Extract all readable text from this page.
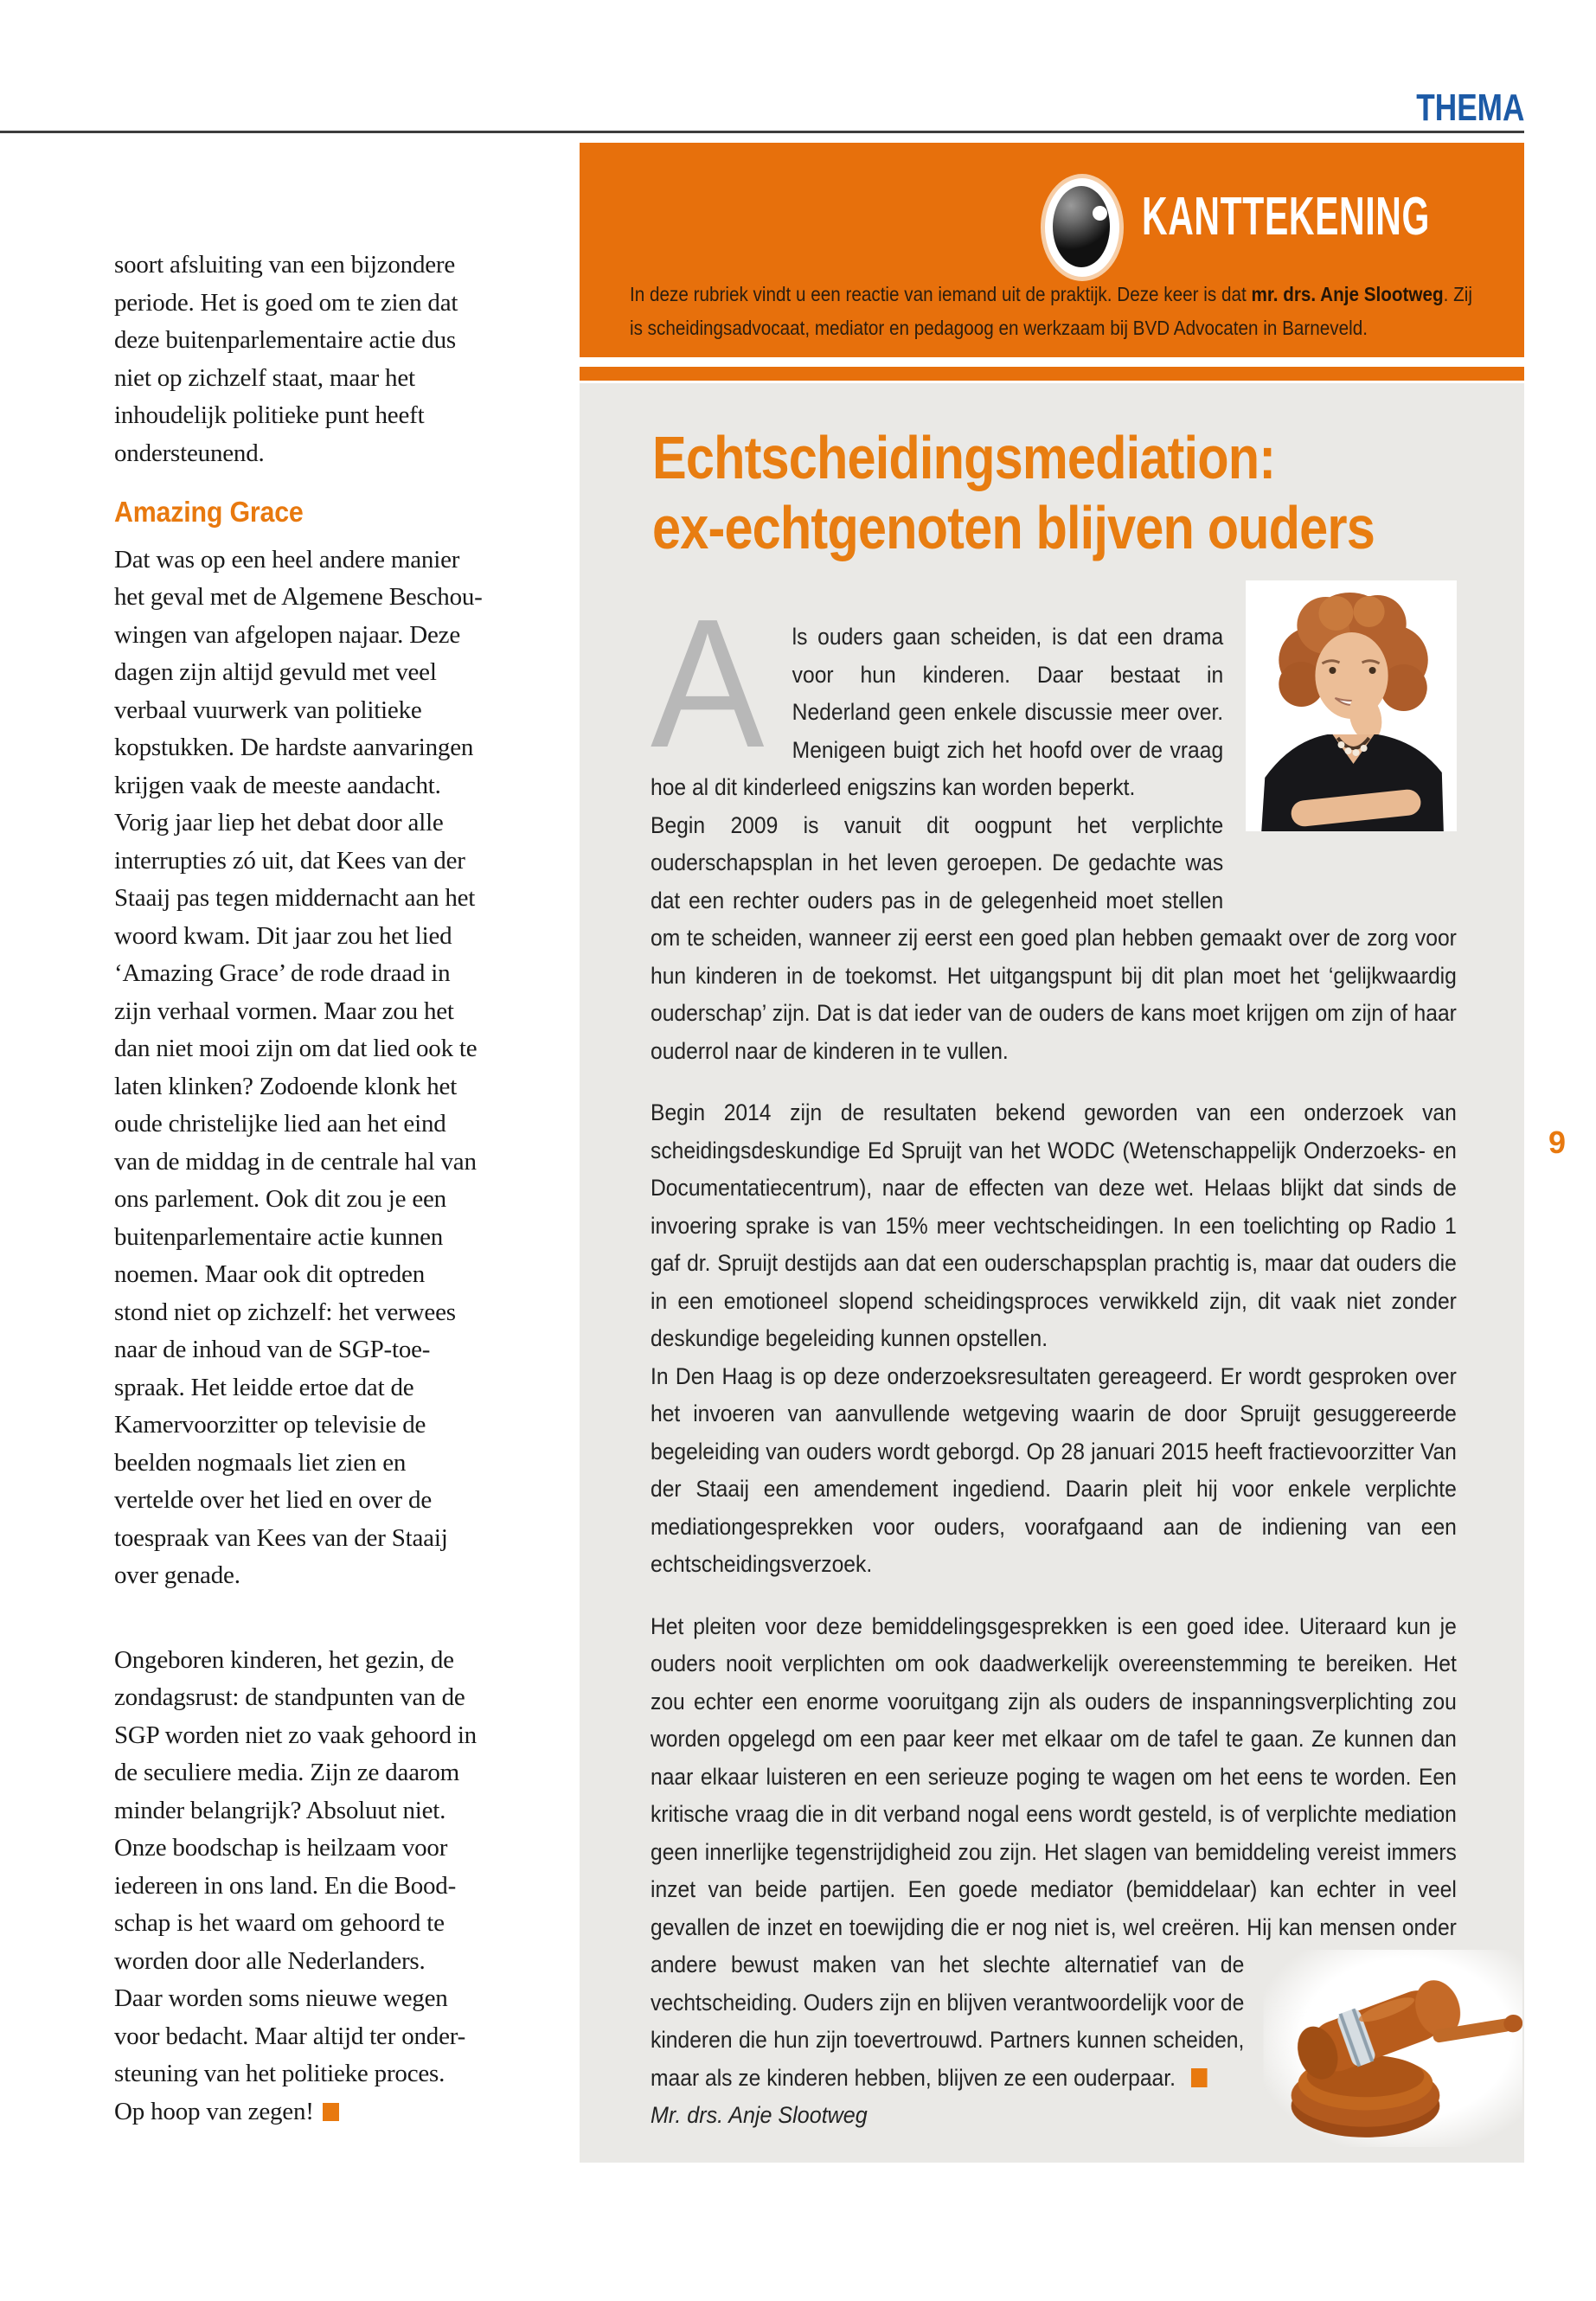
THEMA
KANTTEKENING
In deze rubriek vindt u een reactie van iemand uit de praktijk. Deze keer is dat mr. drs. Anje Slootweg. Zij is scheidingsadvocaat, mediator en pedagoog en werkzaam bij BVD Advocaten in Barneveld.
Echtscheidingsmediation:
ex-echtgenoten blijven ouders

A	ls ouders gaan scheiden, is dat een drama voor hun kinderen. Daar bestaat in Nederland geen enkele discussie meer over. Menigeen buigt zich het hoofd over de vraag hoe al dit kinderleed enigszins kan worden beperkt.

Begin 2009 is vanuit dit oogpunt het verplichte ouderschapsplan in het leven geroepen. De gedachte was dat een rechter ouders pas in de gelegenheid moet stellen om te scheiden, wanneer zij eerst een goed plan hebben gemaakt over de zorg voor hun kinderen in de toekomst. Het uitgangspunt bij dit plan moet het ‘gelijkwaardig ouderschap’ zijn. Dat is dat ieder van de ouders de kans moet krijgen om zijn of haar ouderrol naar de kinderen in te vullen.

Begin 2014 zijn de resultaten bekend geworden van een onderzoek van scheidingsdeskundige Ed Spruijt van het WODC (Wetenschappelijk Onderzoeks- en Documentatiecentrum), naar de effecten van deze wet. Helaas blijkt dat sinds de invoering sprake is van 15% meer vechtscheidingen. In een toelichting op Radio 1 gaf dr. Spruijt destijds aan dat een ouderschapsplan prachtig is, maar dat ouders die in een emotioneel slopend scheidingsproces verwikkeld zijn, dit vaak niet zonder deskundige begeleiding kunnen opstellen.

In Den Haag is op deze onderzoeksresultaten gereageerd. Er wordt gesproken over het invoeren van aanvullende wetgeving waarin de door Spruijt gesuggereerde begeleiding van ouders wordt geborgd. Op 28 januari 2015 heeft fractievoorzitter Van der Staaij een amendement ingediend. Daarin pleit hij voor enkele verplichte mediationgesprekken voor ouders, voorafgaand aan de indiening van een echtscheidingsverzoek.

Het pleiten voor deze bemiddelingsgesprekken is een goed idee. Uiteraard kun je ouders nooit verplichten om ook daadwerkelijk overeenstemming te bereiken. Het zou echter een enorme vooruitgang zijn als ouders de inspanningsverplichting zou worden opgelegd om een paar keer met elkaar om de tafel te gaan. Ze kunnen dan naar elkaar luisteren en een serieuze poging te wagen om het eens te worden. Een kritische vraag die in dit verband nogal eens wordt gesteld, is of verplichte mediation geen innerlijke tegenstrijdigheid zou zijn. Het slagen van bemiddeling vereist immers inzet van beide partijen. Een goede mediator (bemiddelaar) kan echter in veel gevallen de inzet en toewijding die er nog niet is, wel creëren. Hij kan mensen onder andere bewust maken van het slechte alternatief van de vechtscheiding. Ouders zijn en blijven verantwoordelijk voor de kinderen die hun zijn toevertrouwd. Partners kunnen scheiden, maar als ze kinderen hebben, blijven ze een ouderpaar.

Mr. drs. Anje Slootweg

soort afsluiting van een bijzondere
periode. Het is goed om te zien dat
deze buitenparlementaire actie dus
niet op zichzelf staat, maar het
inhoudelijk politieke punt heeft
ondersteunend.
Amazing Grace
Dat was op een heel andere manier
het geval met de Algemene Beschou-
wingen van afgelopen najaar. Deze
dagen zijn altijd gevuld met veel
verbaal vuurwerk van politieke
kopstukken. De hardste aanvaringen
krijgen vaak de meeste aandacht.
Vorig jaar liep het debat door alle
interrupties zó uit, dat Kees van der
Staaij pas tegen middernacht aan het
woord kwam. Dit jaar zou het lied
‘Amazing Grace’ de rode draad in
zijn verhaal vormen. Maar zou het
dan niet mooi zijn om dat lied ook te
laten klinken? Zodoende klonk het
oude christelijke lied aan het eind
van de middag in de centrale hal van
ons parlement. Ook dit zou je een
buitenparlementaire actie kunnen
noemen. Maar ook dit optreden
stond niet op zichzelf: het verwees
naar de inhoud van de SGP-toe-
spraak. Het leidde ertoe dat de
Kamervoorzitter op televisie de
beelden nogmaals liet zien en
vertelde over het lied en over de
toespraak van Kees van der Staaij
over genade.
Ongeboren kinderen, het gezin, de
zondagsrust: de standpunten van de
SGP worden niet zo vaak gehoord in
de seculiere media. Zijn ze daarom
minder belangrijk? Absoluut niet.
Onze boodschap is heilzaam voor
iedereen in ons land. En die Bood-
schap is het waard om gehoord te
worden door alle Nederlanders.
Daar worden soms nieuwe wegen
voor bedacht. Maar altijd ter onder-
steuning van het politieke proces.
Op hoop van zegen!
9
